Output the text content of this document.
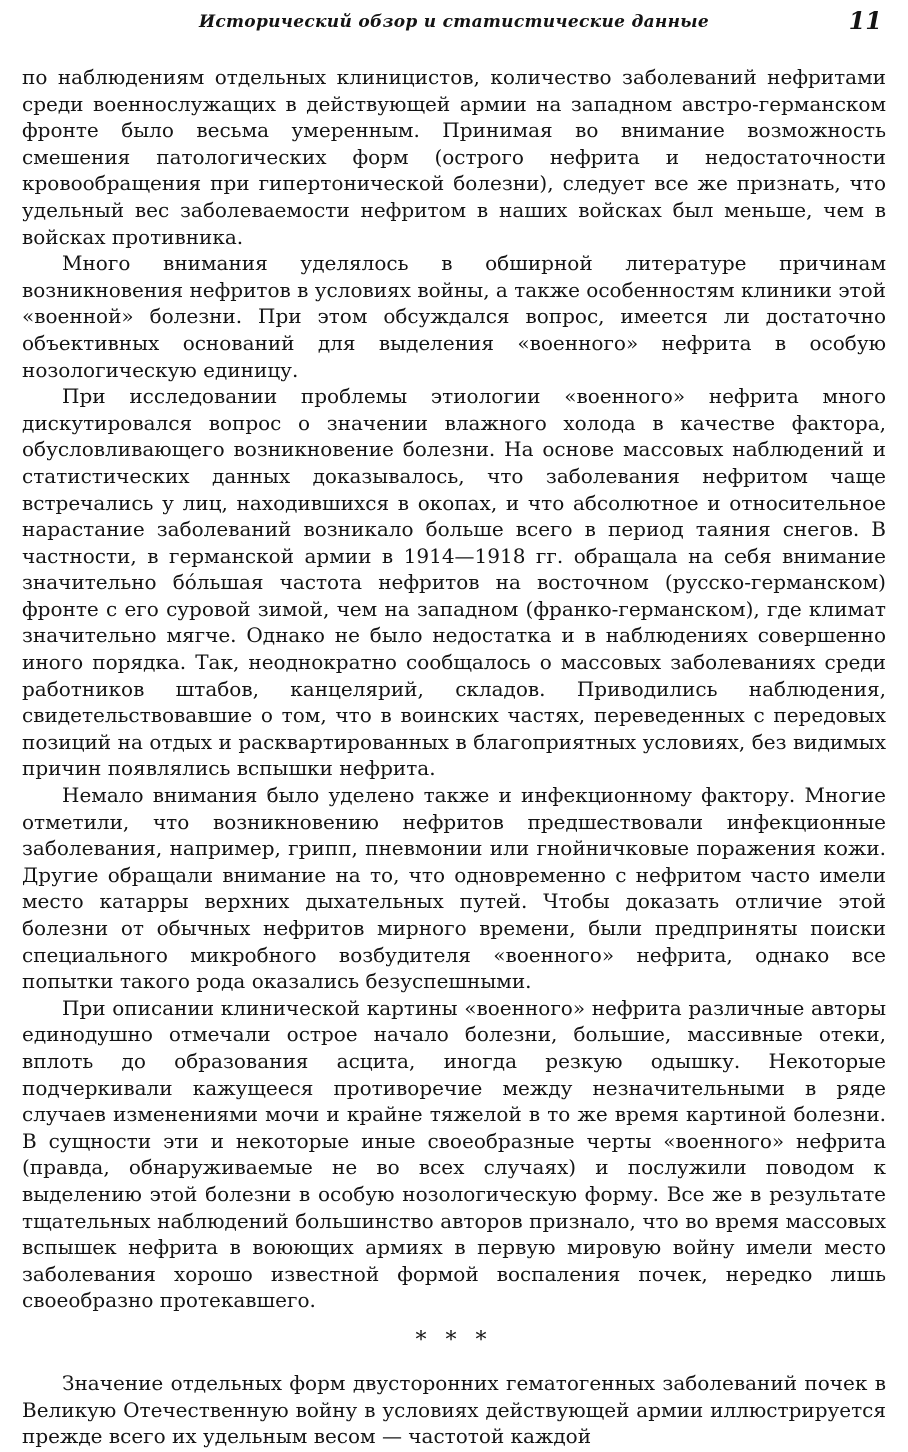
Исторический обзор и статистические данные	11

по наблюдениям отдельных клиницистов, количество заболеваний нефритами среди военнослужащих в действующей армии на западном австро-германском фронте было весьма умеренным. Принимая во внимание возможность смешения патологических форм (острого нефрита и недостаточности кровообращения при гипертонической болезни), следует все же признать, что удельный вес заболеваемости нефритом в наших войсках был меньше, чем в войсках противника.

Много внимания уделялось в обширной литературе причинам возникновения нефритов в условиях войны, а также особенностям клиники этой «военной» болезни. При этом обсуждался вопрос, имеется ли достаточно объективных оснований для выделения «военного» нефрита в особую нозологическую единицу.

При исследовании проблемы этиологии «военного» нефрита много дискутировался вопрос о значении влажного холода в качестве фактора, обусловливающего возникновение болезни. На основе массовых наблюдений и статистических данных доказывалось, что заболевания нефритом чаще встречались у лиц, находившихся в окопах, и что абсолютное и относительное нарастание заболеваний возникало больше всего в период таяния снегов. В частности, в германской армии в 1914—1918 гг. обращала на себя внимание значительно бóльшая частота нефритов на восточном (русско-германском) фронте с его суровой зимой, чем на западном (франко-германском), где климат значительно мягче. Однако не было недостатка и в наблюдениях совершенно иного порядка. Так, неоднократно сообщалось о массовых заболеваниях среди работников штабов, канцелярий, складов. Приводились наблюдения, свидетельствовавшие о том, что в воинских частях, переведенных с передовых позиций на отдых и расквартированных в благоприятных условиях, без видимых причин появлялись вспышки нефрита.

Немало внимания было уделено также и инфекционному фактору. Многие отметили, что возникновению нефритов предшествовали инфекционные заболевания, например, грипп, пневмонии или гнойничковые поражения кожи. Другие обращали внимание на то, что одновременно с нефритом часто имели место катарры верхних дыхательных путей. Чтобы доказать отличие этой болезни от обычных нефритов мирного времени, были предприняты поиски специального микробного возбудителя «военного» нефрита, однако все попытки такого рода оказались безуспешными.

При описании клинической картины «военного» нефрита различные авторы единодушно отмечали острое начало болезни, большие, массивные отеки, вплоть до образования асцита, иногда резкую одышку. Некоторые подчеркивали кажущееся противоречие между незначительными в ряде случаев изменениями мочи и крайне тяжелой в то же время картиной болезни. В сущности эти и некоторые иные своеобразные черты «военного» нефрита (правда, обнаруживаемые не во всех случаях) и послужили поводом к выделению этой болезни в особую нозологическую форму. Все же в результате тщательных наблюдений большинство авторов признало, что во время массовых вспышек нефрита в воюющих армиях в первую мировую войну имели место заболевания хорошо известной формой воспаления почек, нередко лишь своеобразно протекавшего.

* * *

Значение отдельных форм двусторонних гематогенных заболеваний почек в Великую Отечественную войну в условиях действующей армии иллюстрируется прежде всего их удельным весом — частотой каждой
